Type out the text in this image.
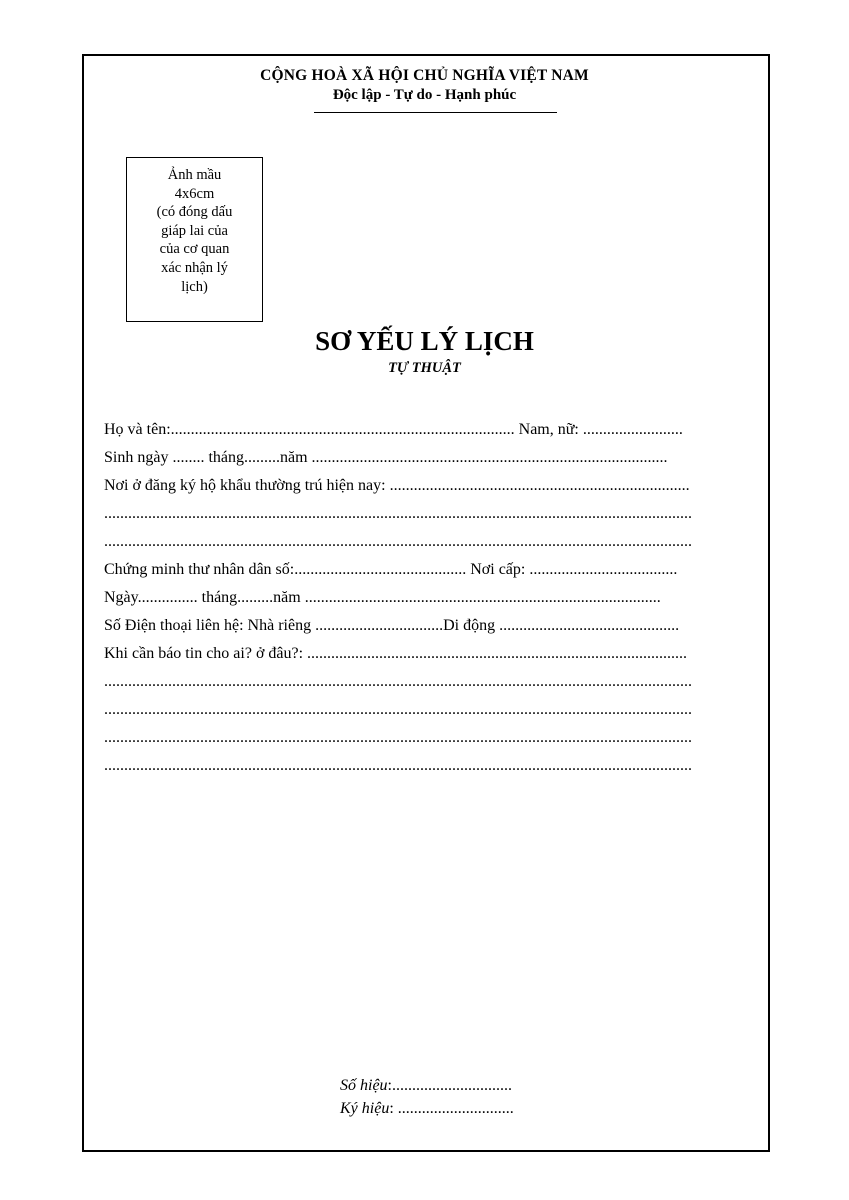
CỘNG HOÀ XÃ HỘI CHỦ NGHĨA VIỆT NAM
Độc lập - Tự do - Hạnh phúc
Ảnh mầu
4x6cm
(có đóng dấu
giáp lai của
của cơ quan
xác nhận lý
lịch)
SƠ YẾU LÝ LỊCH
TỰ THUẬT
Họ và tên:...................................................................................... Nam, nữ: .........................
Sinh ngày ........ tháng.........năm .........................................................................................
Nơi ở đăng ký hộ khẩu thường trú hiện nay: ...........................................................................
...................................................................................................................................................
...................................................................................................................................................
Chứng minh thư nhân dân số:........................................... Nơi cấp: .....................................
Ngày............... tháng.........năm .........................................................................................
Số Điện thoại liên hệ: Nhà riêng ................................Di động .............................................
Khi cần báo tin cho ai? ở đâu?: ...............................................................................................
...................................................................................................................................................
...................................................................................................................................................
...................................................................................................................................................
...................................................................................................................................................
Số hiệu:..............................
Ký hiệu: .............................
